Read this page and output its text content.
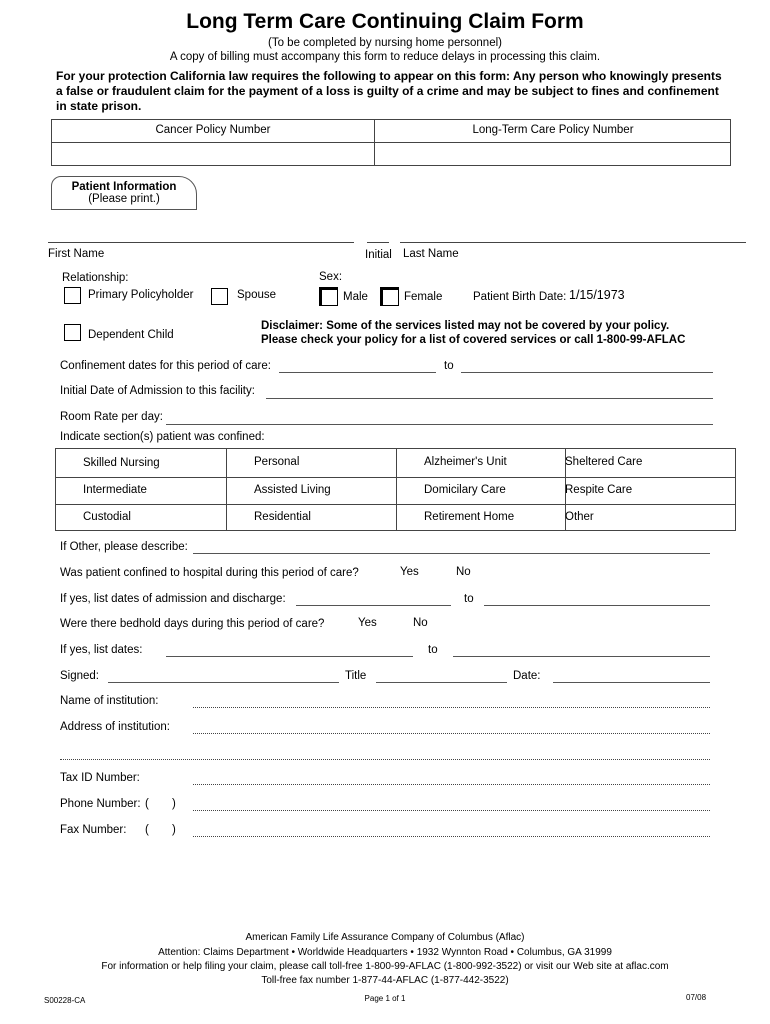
Long Term Care Continuing Claim Form
(To be completed by nursing home personnel)
A copy of billing must accompany this form to reduce delays in processing this claim.
For your protection California law requires the following to appear on this form: Any person who knowingly presents
a false or fraudulent claim for the payment of a loss is guilty of a crime and may be subject to fines and confinement
in state prison.
Cancer Policy Number	Long-Term Care Policy Number
Patient Information
(Please print.)
First Name	Initial Last Name
Relationship:
Primary Policyholder	Spouse
Dependent Child
Sex:
Male	Female	Patient Birth Date: 1/15/1973
Disclaimer: Some of the services listed may not be covered by your policy.
Please check your policy for a list of covered services or call 1-800-99-AFLAC
Confinement dates for this period of care:	to
Initial Date of Admission to this facility:
Room Rate per day:
Indicate section(s) patient was confined:
Skilled Nursing	Personal	Alzheimer's Unit	Sheltered Care
Intermediate	Assisted Living	Domicilary Care	Respite Care
Custodial	Residential	Retirement Home	Other
If Other, please describe:
Was patient confined to hospital during this period of care?	Yes	No
If yes, list dates of admission and discharge:	to
Were there bedhold days during this period of care?	Yes	No
If yes, list dates:	to
Signed:	Title	Date:
Name of institution:
Address of institution:
Tax ID Number:
Phone Number: ( )
Fax Number: ( )
American Family Life Assurance Company of Columbus (Aflac)
Attention: Claims Department • Worldwide Headquarters • 1932 Wynnton Road • Columbus, GA 31999
For information or help filing your claim, please call toll-free 1-800-99-AFLAC (1-800-992-3522) or visit our Web site at aflac.com
Toll-free fax number 1-877-44-AFLAC (1-877-442-3522)
S00228-CA	Page 1 of 1	07/08
